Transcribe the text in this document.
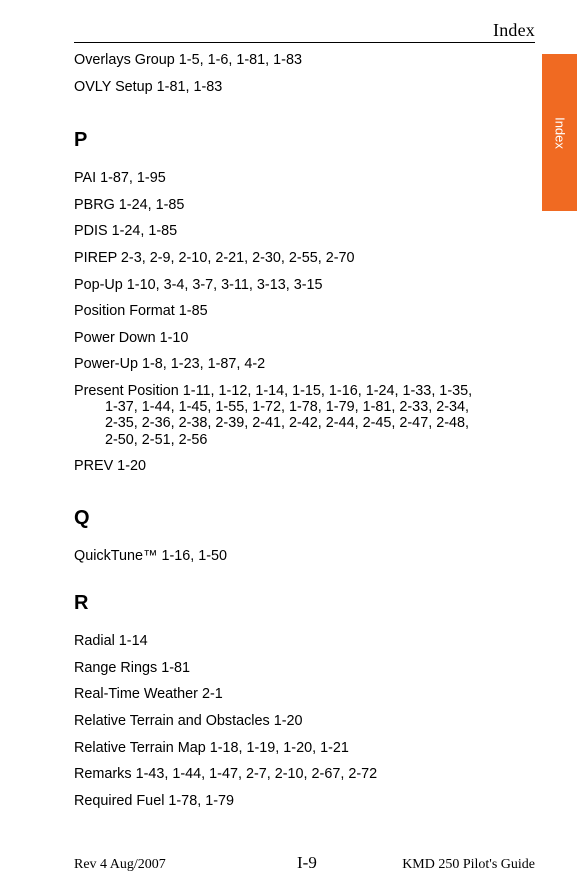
Index
Index
Overlays Group 1-5, 1-6, 1-81, 1-83
OVLY Setup 1-81, 1-83
P
PAI 1-87, 1-95
PBRG 1-24, 1-85
PDIS 1-24, 1-85
PIREP 2-3, 2-9, 2-10, 2-21, 2-30, 2-55, 2-70
Pop-Up 1-10, 3-4, 3-7, 3-11, 3-13, 3-15
Position Format 1-85
Power Down 1-10
Power-Up 1-8, 1-23, 1-87, 4-2
Present Position 1-11, 1-12, 1-14, 1-15, 1-16, 1-24, 1-33, 1-35,
1-37, 1-44, 1-45, 1-55, 1-72, 1-78, 1-79, 1-81, 2-33, 2-34,
2-35, 2-36, 2-38, 2-39, 2-41, 2-42, 2-44, 2-45, 2-47, 2-48,
2-50, 2-51, 2-56
PREV 1-20
Q
QuickTune™ 1-16, 1-50
R
Radial 1-14
Range Rings 1-81
Real-Time Weather 2-1
Relative Terrain and Obstacles 1-20
Relative Terrain Map 1-18, 1-19, 1-20, 1-21
Remarks 1-43, 1-44, 1-47, 2-7, 2-10, 2-67, 2-72
Required Fuel 1-78, 1-79
Rev 4 Aug/2007	I-9	KMD 250 Pilot's Guide
